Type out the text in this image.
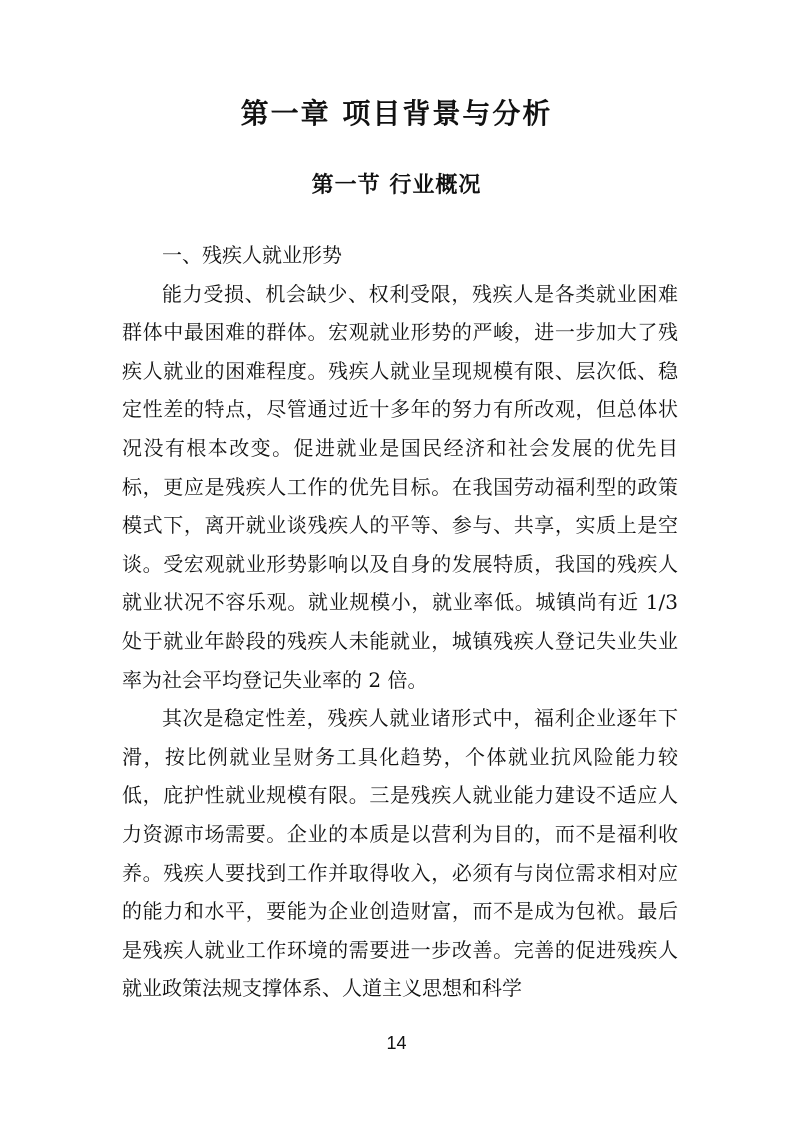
第一章 项目背景与分析
第一节 行业概况

一、残疾人就业形势

能力受损、机会缺少、权利受限，残疾人是各类就业困难群体中最困难的群体。宏观就业形势的严峻，进一步加大了残疾人就业的困难程度。残疾人就业呈现规模有限、层次低、稳定性差的特点，尽管通过近十多年的努力有所改观，但总体状况没有根本改变。促进就业是国民经济和社会发展的优先目标，更应是残疾人工作的优先目标。在我国劳动福利型的政策模式下，离开就业谈残疾人的平等、参与、共享，实质上是空谈。受宏观就业形势影响以及自身的发展特质，我国的残疾人就业状况不容乐观。就业规模小，就业率低。城镇尚有近 1/3 处于就业年龄段的残疾人未能就业，城镇残疾人登记失业失业率为社会平均登记失业率的 2 倍。

其次是稳定性差，残疾人就业诸形式中，福利企业逐年下滑，按比例就业呈财务工具化趋势，个体就业抗风险能力较低，庇护性就业规模有限。三是残疾人就业能力建设不适应人力资源市场需要。企业的本质是以营利为目的，而不是福利收养。残疾人要找到工作并取得收入，必须有与岗位需求相对应的能力和水平，要能为企业创造财富，而不是成为包袱。最后是残疾人就业工作环境的需要进一步改善。完善的促进残疾人就业政策法规支撑体系、人道主义思想和科学

14
